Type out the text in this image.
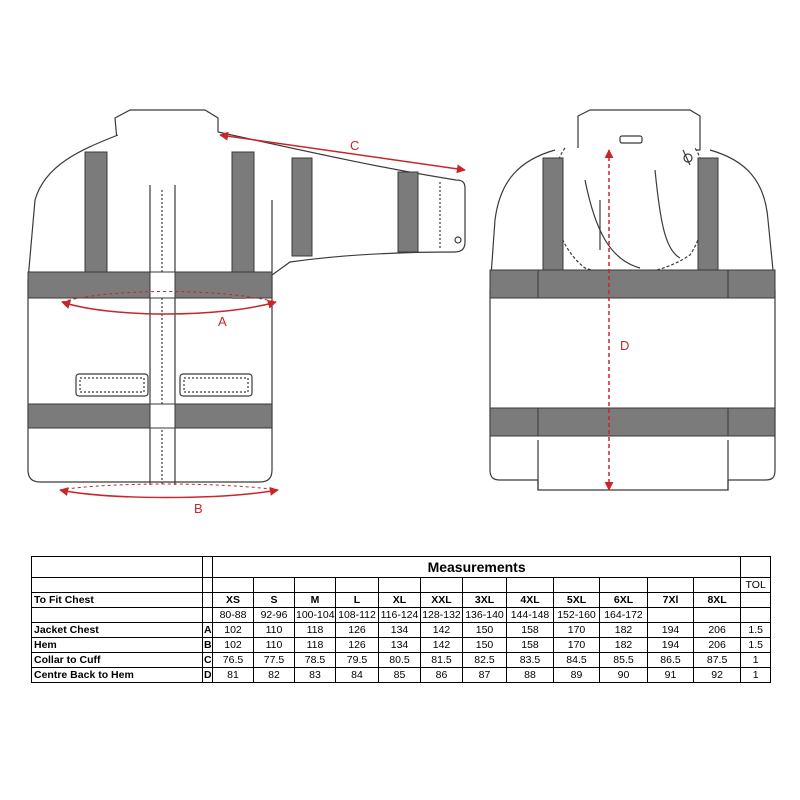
C
A
B
D
		Measurements												
														TOL
To Fit Chest		XS	S	M	L	XL	XXL	3XL	4XL	5XL	6XL	7Xl	8XL	
		80-88	92-96	100-104	108-112	116-124	128-132	136-140	144-148	152-160	164-172			
Jacket Chest	A	102	110	118	126	134	142	150	158	170	182	194	206	1.5
Hem	B	102	110	118	126	134	142	150	158	170	182	194	206	1.5
Collar to Cuff	C	76.5	77.5	78.5	79.5	80.5	81.5	82.5	83.5	84.5	85.5	86.5	87.5	1
Centre Back to Hem	D	81	82	83	84	85	86	87	88	89	90	91	92	1
